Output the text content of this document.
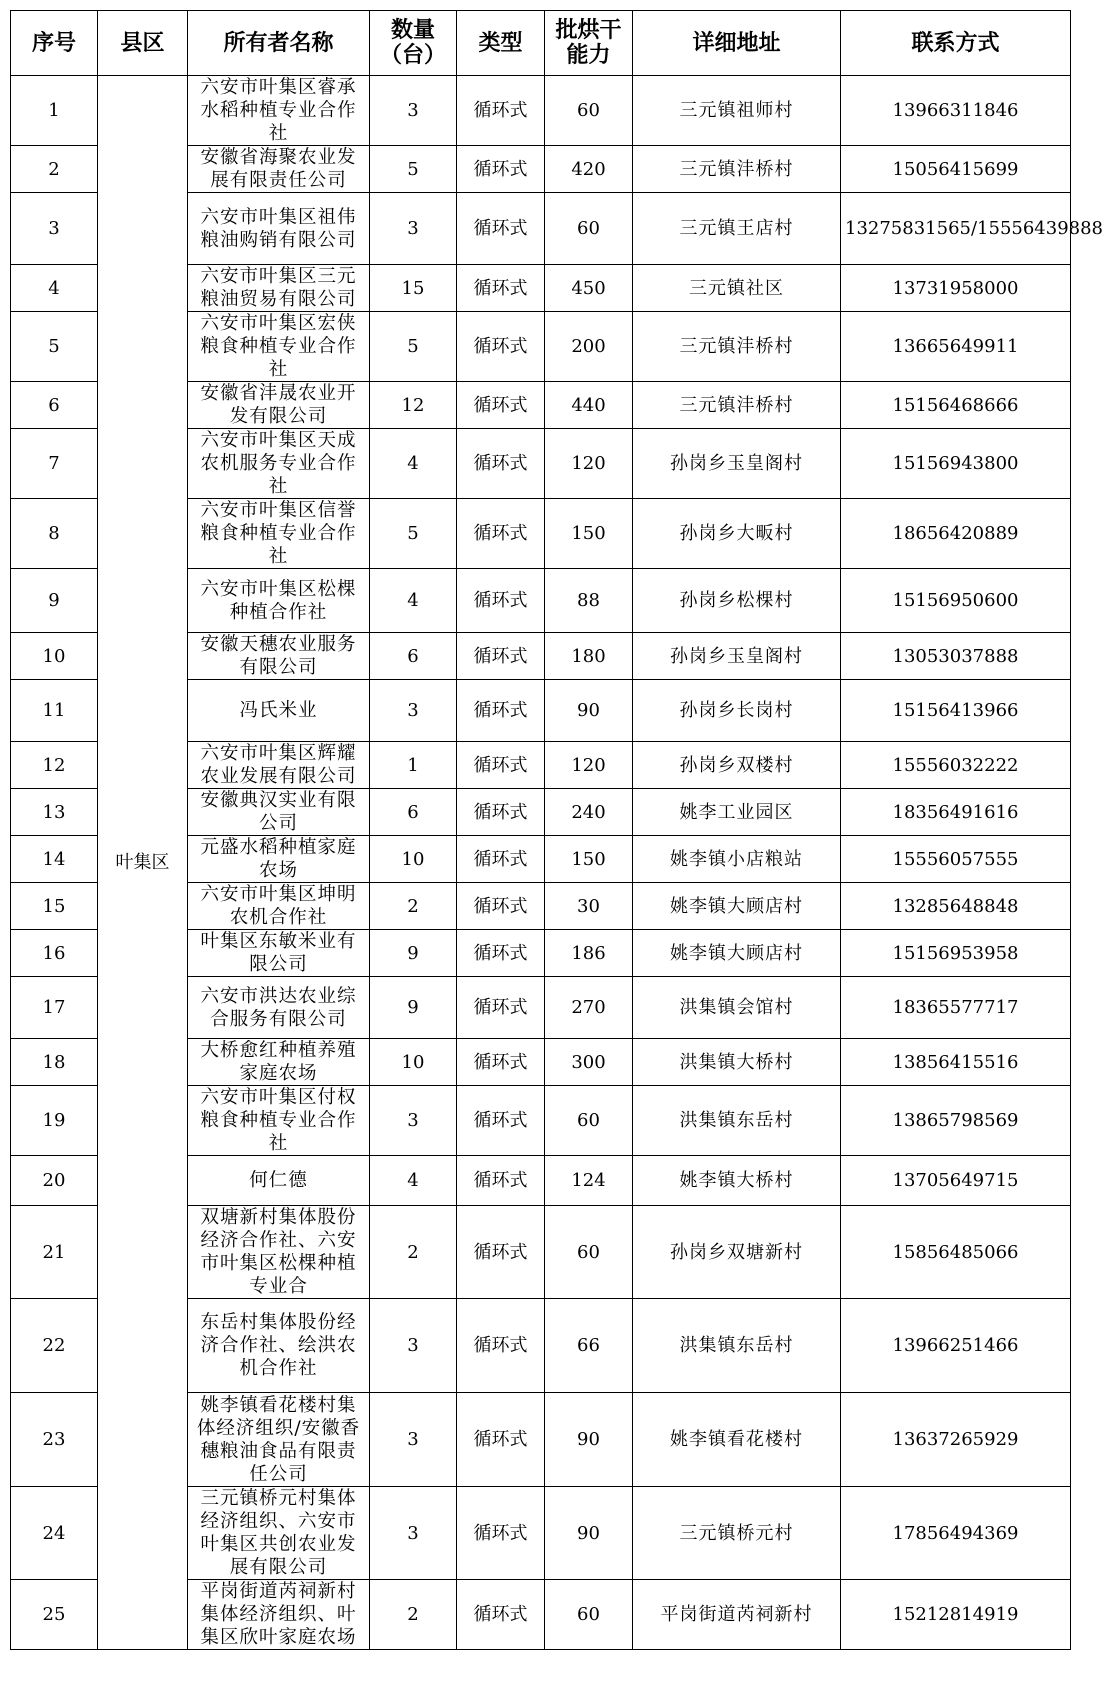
序号	县区	所有者名称	数量（台）	类型	批烘干能力	详细地址	联系方式
1	叶集区	六安市叶集区睿承水稻种植专业合作社	3	循环式	60	三元镇祖师村	13966311846
2		安徽省海聚农业发展有限责任公司	5	循环式	420	三元镇沣桥村	15056415699
3		六安市叶集区祖伟粮油购销有限公司	3	循环式	60	三元镇王店村	13275831565/15556439888
4		六安市叶集区三元粮油贸易有限公司	15	循环式	450	三元镇社区	13731958000
5		六安市叶集区宏侠粮食种植专业合作社	5	循环式	200	三元镇沣桥村	13665649911
6		安徽省沣晟农业开发有限公司	12	循环式	440	三元镇沣桥村	15156468666
7		六安市叶集区天成农机服务专业合作社	4	循环式	120	孙岗乡玉皇阁村	15156943800
8		六安市叶集区信誉粮食种植专业合作社	5	循环式	150	孙岗乡大畈村	18656420889
9		六安市叶集区松棵种植合作社	4	循环式	88	孙岗乡松棵村	15156950600
10		安徽天穗农业服务有限公司	6	循环式	180	孙岗乡玉皇阁村	13053037888
11		冯氏米业	3	循环式	90	孙岗乡长岗村	15156413966
12		六安市叶集区辉耀农业发展有限公司	1	循环式	120	孙岗乡双楼村	15556032222
13		安徽典汉实业有限公司	6	循环式	240	姚李工业园区	18356491616
14		元盛水稻种植家庭农场	10	循环式	150	姚李镇小店粮站	15556057555
15		六安市叶集区坤明农机合作社	2	循环式	30	姚李镇大顾店村	13285648848
16		叶集区东敏米业有限公司	9	循环式	186	姚李镇大顾店村	15156953958
17		六安市洪达农业综合服务有限公司	9	循环式	270	洪集镇会馆村	18365577717
18		大桥愈红种植养殖家庭农场	10	循环式	300	洪集镇大桥村	13856415516
19		六安市叶集区付权粮食种植专业合作社	3	循环式	60	洪集镇东岳村	13865798569
20		何仁德	4	循环式	124	姚李镇大桥村	13705649715
21		双塘新村集体股份经济合作社、六安市叶集区松棵种植专业合	2	循环式	60	孙岗乡双塘新村	15856485066
22		东岳村集体股份经济合作社、绘洪农机合作社	3	循环式	66	洪集镇东岳村	13966251466
23		姚李镇看花楼村集体经济组织/安徽香穗粮油食品有限责任公司	3	循环式	90	姚李镇看花楼村	13637265929
24		三元镇桥元村集体经济组织、六安市叶集区共创农业发展有限公司	3	循环式	90	三元镇桥元村	17856494369
25		平岗街道芮祠新村集体经济组织、叶集区欣叶家庭农场	2	循环式	60	平岗街道芮祠新村	15212814919
